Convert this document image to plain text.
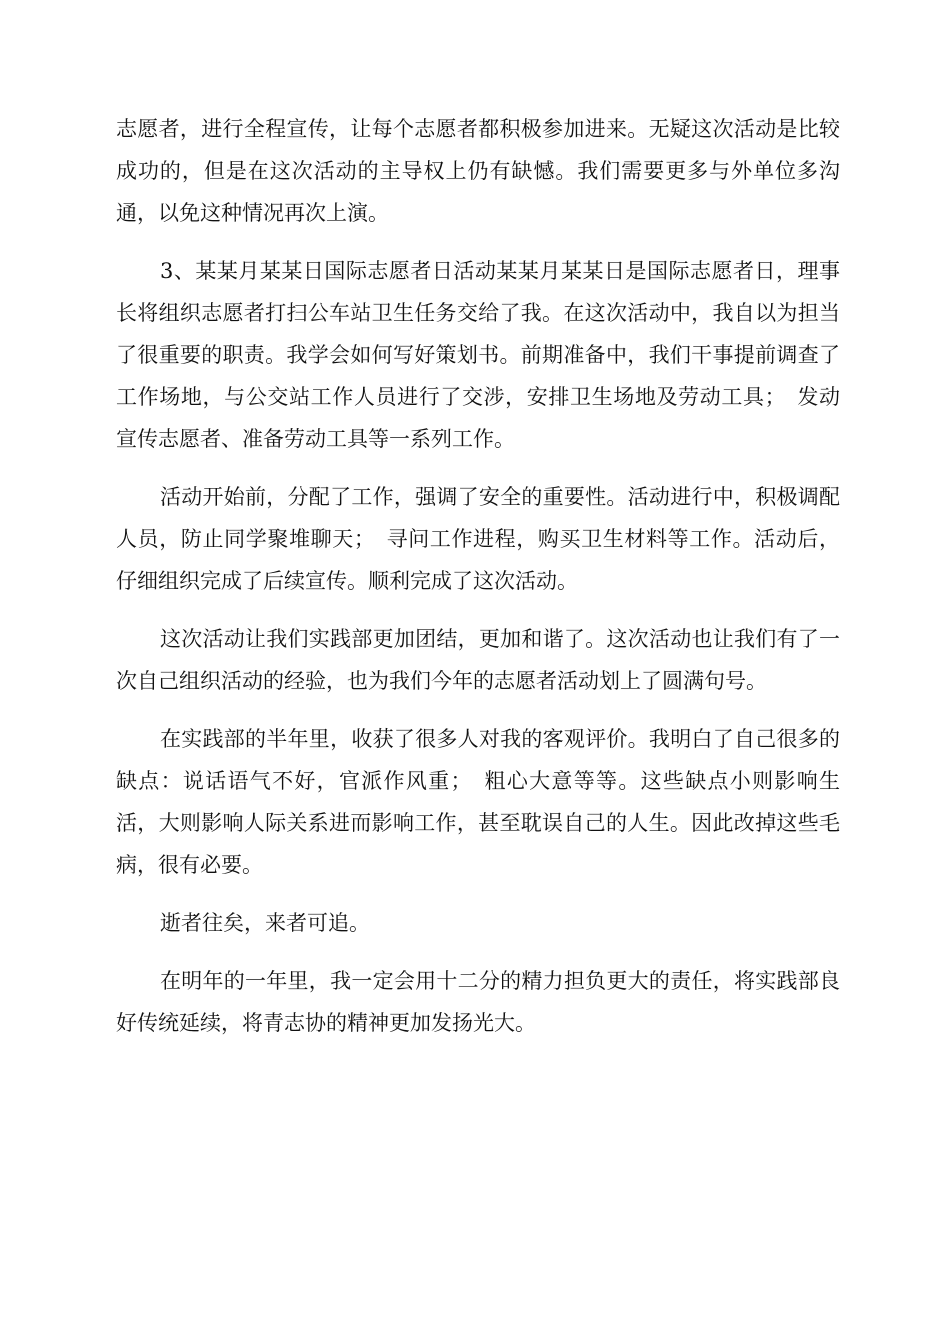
志愿者，进行全程宣传，让每个志愿者都积极参加进来。无疑这次活动是比较成功的，但是在这次活动的主导权上仍有缺憾。我们需要更多与外单位多沟通，以免这种情况再次上演。

3、某某月某某日国际志愿者日活动某某月某某日是国际志愿者日，理事长将组织志愿者打扫公车站卫生任务交给了我。在这次活动中，我自以为担当了很重要的职责。我学会如何写好策划书。前期准备中，我们干事提前调查了工作场地，与公交站工作人员进行了交涉，安排卫生场地及劳动工具；　发动宣传志愿者、准备劳动工具等一系列工作。

活动开始前，分配了工作，强调了安全的重要性。活动进行中，积极调配人员，防止同学聚堆聊天；　寻问工作进程，购买卫生材料等工作。活动后，仔细组织完成了后续宣传。顺利完成了这次活动。

这次活动让我们实践部更加团结，更加和谐了。这次活动也让我们有了一次自己组织活动的经验，也为我们今年的志愿者活动划上了圆满句号。

在实践部的半年里，收获了很多人对我的客观评价。我明白了自己很多的缺点：说话语气不好，官派作风重；　粗心大意等等。这些缺点小则影响生活，大则影响人际关系进而影响工作，甚至耽误自己的人生。因此改掉这些毛病，很有必要。

逝者往矣，来者可追。

在明年的一年里，我一定会用十二分的精力担负更大的责任，将实践部良好传统延续，将青志协的精神更加发扬光大。
